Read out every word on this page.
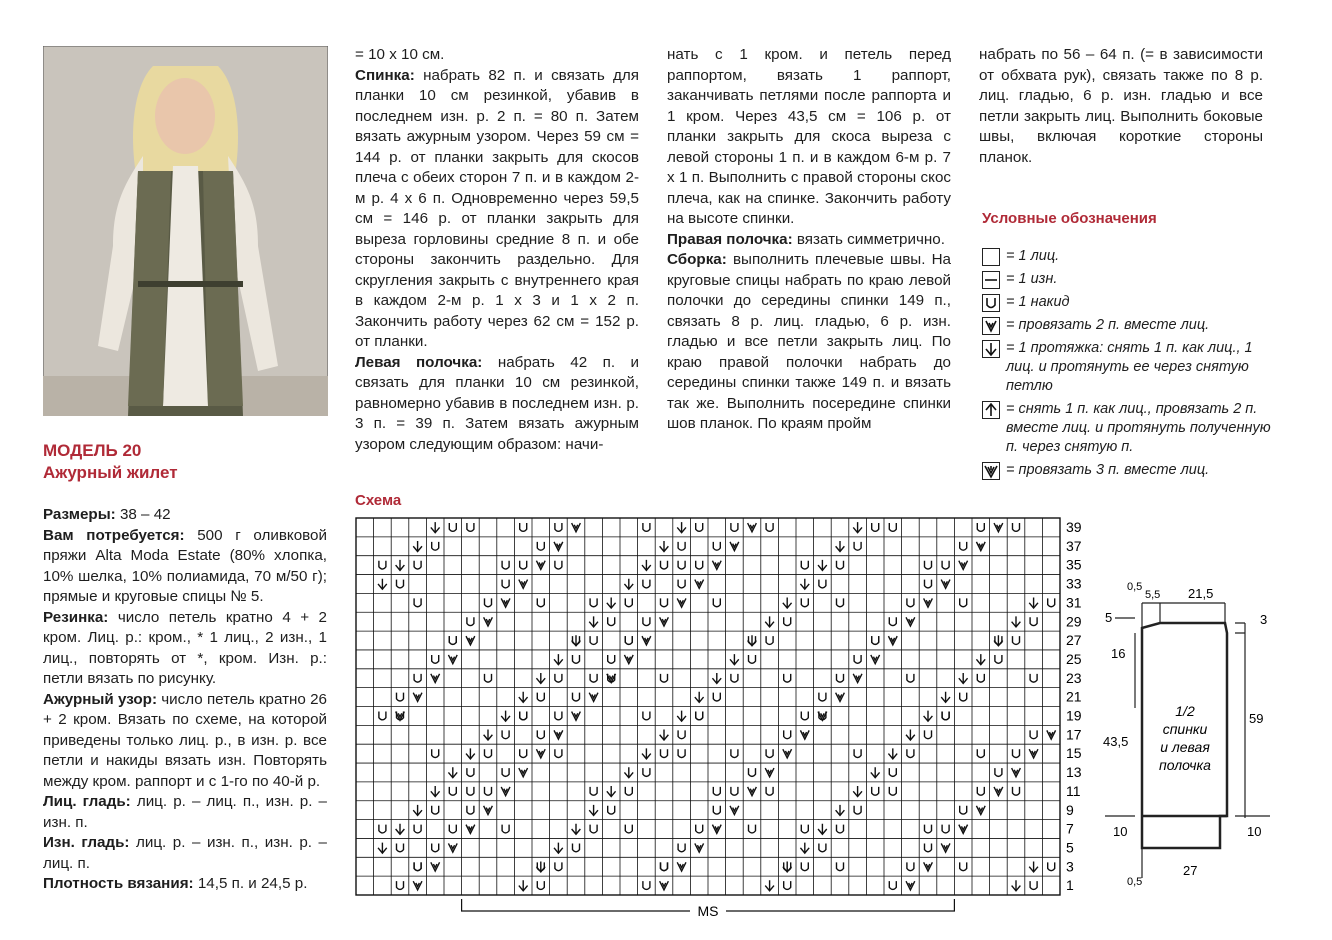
МОДЕЛЬ 20
Ажурный жилет

Размеры: 38 – 42

Вам потребуется: 500 г оливковой пряжи Alta Moda Estate (80% хлопка, 10% шелка, 10% полиамида, 70 м/50 г); прямые и круговые спицы № 5.

Резинка: число петель кратно 4 + 2 кром. Лиц. р.: кром., * 1 лиц., 2 изн., 1 лиц., повторять от *, кром. Изн. р.: петли вязать по рисунку.

Ажурный узор: число петель кратно 26 + 2 кром. Вязать по схеме, на которой приведены только лиц. р., в изн. р. все петли и накиды вязать изн. Повторять между кром. раппорт и с 1-го по 40-й р.

Лиц. гладь: лиц. р. – лиц. п., изн. р. – изн. п.

Изн. гладь: лиц. р. – изн. п., изн. р. – лиц. п.

Плотность вязания: 14,5 п. и 24,5 р.

= 10 х 10 см.

Спинка: набрать 82 п. и связать для планки 10 см резинкой, убавив в последнем изн. р. 2 п. = 80 п. Затем вязать ажурным узором. Через 59 см = 144 р. от планки закрыть для скосов плеча с обеих сторон 7 п. и в каждом 2-м р. 4 х 6 п. Одновременно через 59,5 см = 146 р. от планки закрыть для выреза горловины средние 8 п. и обе стороны закончить раздельно. Для скругления закрыть с внутреннего края в каждом 2-м р. 1 х 3 и 1 х 2 п. Закончить работу через 62 см = 152 р. от планки.

Левая полочка: набрать 42 п. и связать для планки 10 см резинкой, равномерно убавив в последнем изн. р. 3 п. = 39 п. Затем вязать ажурным узором следующим образом: начи-

нать с 1 кром. и петель перед раппортом, вязать 1 раппорт, заканчивать петлями после раппорта и 1 кром. Через 43,5 см = 106 р. от планки закрыть для скоса выреза с левой стороны 1 п. и в каждом 6-м р. 7 х 1 п. Выполнить с правой стороны скос плеча, как на спинке. Закончить работу на высоте спинки.

Правая полочка: вязать симметрично.

Сборка: выполнить плечевые швы. На круговые спицы набрать по краю левой полочки до середины спинки 149 п., связать 8 р. лиц. гладью, 6 р. изн. гладью и все петли закрыть лиц. По краю правой полочки набрать до середины спинки также 149 п. и вязать так же. Выполнить посередине спинки шов планок. По краям пройм

набрать по 56 – 64 п. (= в зависимости от обхвата рук), связать также по 8 р. лиц. гладью, 6 р. изн. гладью и все петли закрыть лиц. Выполнить боковые швы, включая короткие стороны планок.

Условные обозначения
= 1 лиц.
= 1 изн.
= 1 накид
= провязать 2 п. вместе лиц.
= 1 протяжка: снять 1 п. как лиц., 1 лиц. и протянуть ее через снятую петлю
= снять 1 п. как лиц., провязать 2 п. вместе лиц. и протянуть полученную п. через снятую п.
= провязать 3 п. вместе лиц.
Схема
39
37
35
33
31
29
27
25
23
21
19
17
15
13
11
9
7
5
3
1
MS
0,5
5,5 21,5
5	3
16
43,5
59
10	10
0,5
27
1/2
спинки
и левая
полочка
